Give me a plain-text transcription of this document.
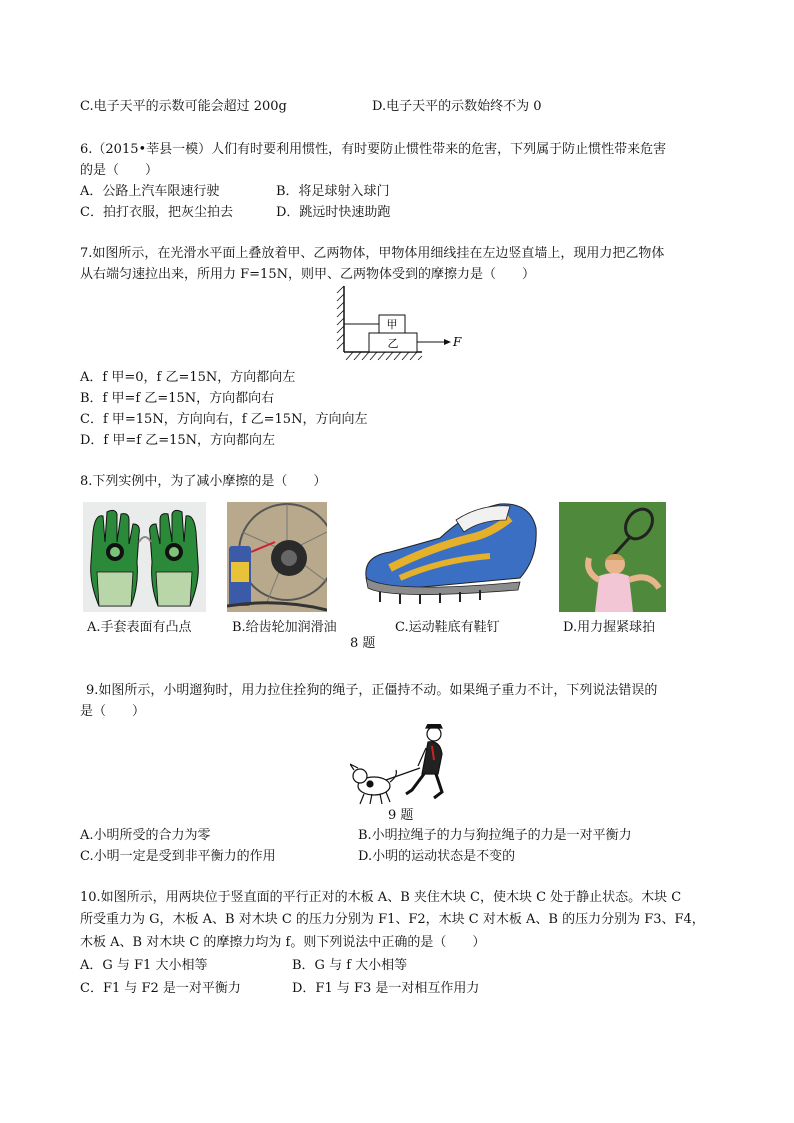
C.电子天平的示数可能会超过 200g	D.电子天平的示数始终不为 0
6.（2015•莘县一模）人们有时要利用惯性，有时要防止惯性带来的危害，下列属于防止惯性带来危害
的是（　　）
A．公路上汽车限速行驶	B．将足球射入球门
C．拍打衣服，把灰尘拍去	D．跳远时快速助跑
7.如图所示，在光滑水平面上叠放着甲、乙两物体，甲物体用细线挂在左边竖直墙上，现用力把乙物体
从右端匀速拉出来，所用力 F=15N，则甲、乙两物体受到的摩擦力是（　　）
甲
乙	F
A．f 甲=0，f 乙=15N，方向都向左
B．f 甲=f 乙=15N，方向都向右
C．f 甲=15N，方向向右，f 乙=15N，方向向左
D．f 甲=f 乙=15N，方向都向左
8.下列实例中，为了减小摩擦的是（　　）
A.手套表面有凸点	B.给齿轮加润滑油	C.运动鞋底有鞋钉	D.用力握紧球拍
8 题
9.如图所示，小明遛狗时，用力拉住拴狗的绳子，正僵持不动。如果绳子重力不计，下列说法错误的
是（　　）
9 题
A.小明所受的合力为零	B.小明拉绳子的力与狗拉绳子的力是一对平衡力
C.小明一定是受到非平衡力的作用	D.小明的运动状态是不变的
10.如图所示，用两块位于竖直面的平行正对的木板 A、B 夹住木块 C，使木块 C 处于静止状态。木块 C
所受重力为 G，木板 A、B 对木块 C 的压力分别为 F1、F2，木块 C 对木板 A、B 的压力分别为 F3、F4，
木板 A、B 对木块 C 的摩擦力均为 f。则下列说法中正确的是（　　）
A．G 与 F1 大小相等	B．G 与 f 大小相等
C．F1 与 F2 是一对平衡力	D．F1 与 F3 是一对相互作用力
